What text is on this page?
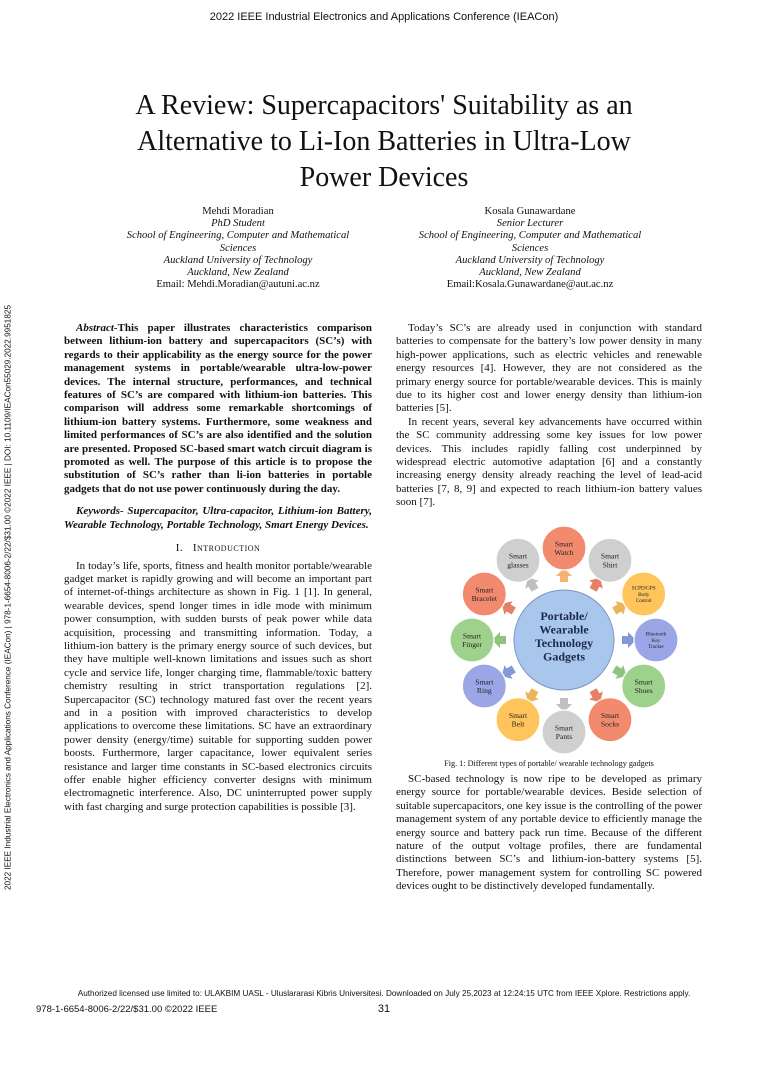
2022 IEEE Industrial Electronics and Applications Conference (IEACon)
A Review: Supercapacitors' Suitability as an
Alternative to Li-Ion Batteries in Ultra-Low
Power Devices
Mehdi Moradian
PhD Student
School of Engineering, Computer and Mathematical
Sciences
Auckland University of Technology
Auckland, New Zealand
Email: Mehdi.Moradian@autuni.ac.nz
Kosala Gunawardane
Senior Lecturer
School of Engineering, Computer and Mathematical
Sciences
Auckland University of Technology
Auckland, New Zealand
Email:Kosala.Gunawardane@aut.ac.nz
2022 IEEE Industrial Electronics and Applications Conference (IEACon) | 978-1-6654-8006-2/22/$31.00 ©2022 IEEE | DOI: 10.1109/IEACon55029.2022.9951825	Abstract-This paper illustrates characteristics comparison between lithium-ion battery and supercapacitors (SC’s) with regards to their applicability as the energy source for the power management systems in portable/wearable ultra-low-power devices. The internal structure, performances, and technical features of SC’s are compared with lithium-ion batteries. This comparison will address some remarkable shortcomings of lithium-ion battery systems. Furthermore, some weakness and limited performances of SC’s are also identified and the solution are presented. Proposed SC-based smart watch circuit diagram is promoted as well. The purpose of this article is to propose the substitution of SC’s rather than li-ion batteries in portable gadgets that do not use power continuously during the day.

Keywords- Supercapacitor, Ultra-capacitor, Lithium-ion Battery, Wearable Technology, Portable Technology, Smart Energy Devices.

I. Introduction

In today’s life, sports, fitness and health monitor portable/wearable gadget market is rapidly growing and will become an important part of internet-of-things architecture as shown in Fig. 1 [1]. In general, wearable devices, spend longer times in idle mode with minimum power consumption, with sudden bursts of peak power while data acquisition, processing and transmitting information. Today, a lithium-ion battery is the primary energy source of such devices, but they have multiple well-known limitations and issues such as short cycle and service life, longer charging time, flammable/toxic battery chemistry resulting in strict transportation regulations [2]. Supercapacitor (SC) technology matured fast over the recent years and in a position with improved characteristics to develop applications to overcome these limitations. SC have an extraordinary power density (energy/time) suitable for supporting sudden power boosts. Furthermore, larger capacitance, lower equivalent series resistance and larger time constants in SC-based electronics circuits offer enable higher efficiency converter designs with minimum electromagnetic interference. Also, DC uninterrupted power supply with fast charging and surge protection capabilities is possible [3].

Today’s SC’s are already used in conjunction with standard batteries to compensate for the battery’s low power density in many high-power applications, such as electric vehicles and renewable energy resources [4]. However, they are not considered as the primary energy source for portable/wearable devices. This is mainly due to its higher cost and lower energy density than lithium-ion batteries [5].

In recent years, several key advancements have occurred within the SC community addressing some key issues for low power devices. This includes rapidly falling cost underpinned by widespread electric automotive adaptation [6] and a constantly increasing energy density already reaching the level of lead-acid batteries [7, 8, 9] and expected to reach lithium-ion battery values soon [7].

Portable/
Wearable
Technology
Gadgets
Smart
Watch	Smart
Shirt
SCPD/GPS
Body
Control
Bluetooth
Key
Tracker
Smart
Shoes
Smart
Socks
Smart
Pants
Smart
Belt
Smart
Ring
Smart
Finger
Smart
Bracelet
Smart
glasses
Fig. 1: Different types of portable/ wearable technology gadgets

SC-based technology is now ripe to be developed as primary energy source for portable/wearable devices. Beside selection of suitable supercapacitors, one key issue is the controlling of the power management system of any portable device to efficiently manage the energy source and battery pack run time. Because of the different nature of the output voltage profiles, there are fundamental distinctions between SC’s and lithium-ion-battery systems [5]. Therefore, power management system for controlling SC powered devices ought to be distinctively developed fundamentally.

Authorized licensed use limited to: ULAKBIM UASL - Uluslararasi Kibris Universitesi. Downloaded on July 25,2023 at 12:24:15 UTC from IEEE Xplore. Restrictions apply.
978-1-6654-8006-2/22/$31.00 ©2022 IEEE	31
